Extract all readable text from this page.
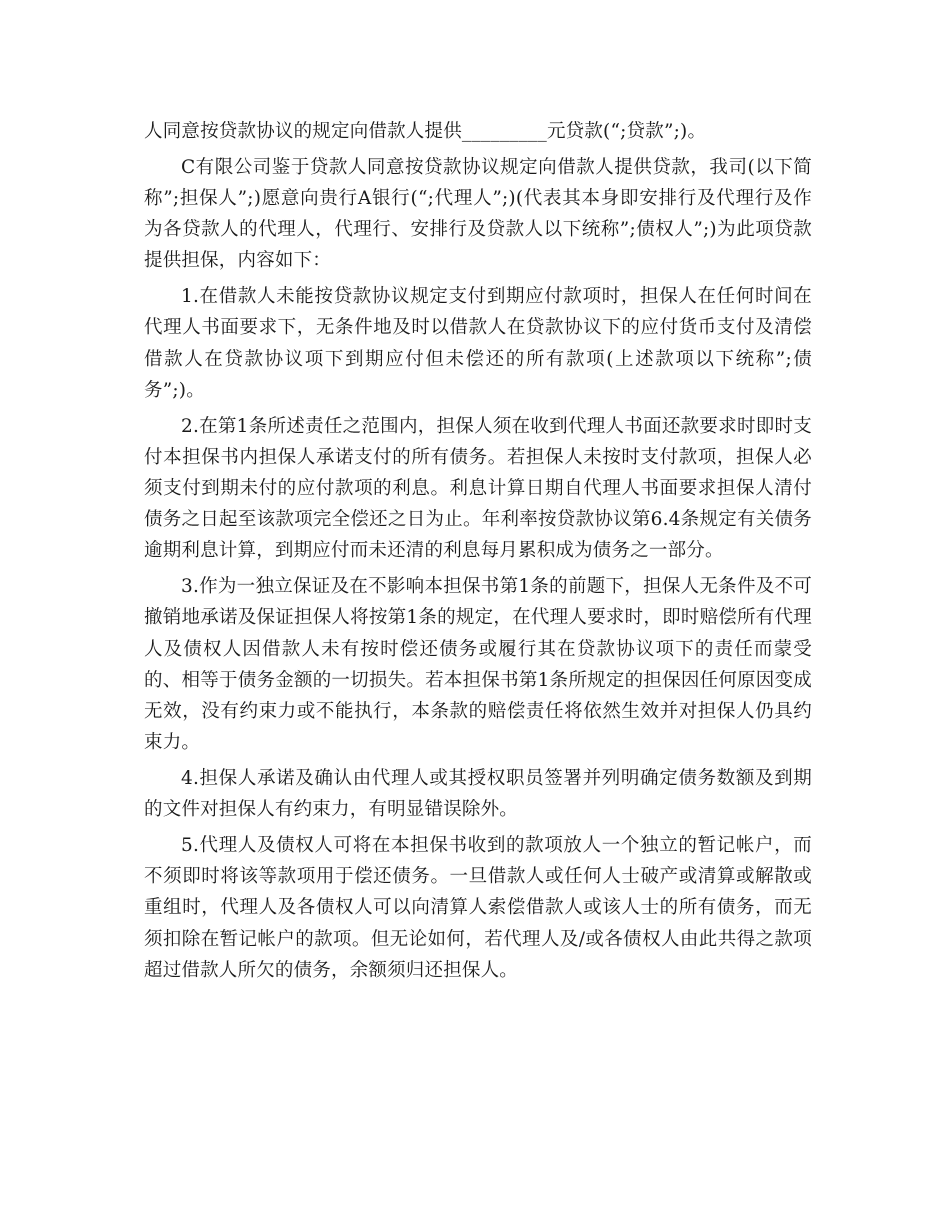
人同意按贷款协议的规定向借款人提供_________元贷款(“;贷款”;)。

C有限公司鉴于贷款人同意按贷款协议规定向借款人提供贷款，我司(以下简称”;担保人”;)愿意向贵行A银行(“;代理人”;)(代表其本身即安排行及代理行及作为各贷款人的代理人，代理行、安排行及贷款人以下统称”;债权人”;)为此项贷款提供担保，内容如下：

1.在借款人未能按贷款协议规定支付到期应付款项时，担保人在任何时间在代理人书面要求下，无条件地及时以借款人在贷款协议下的应付货币支付及清偿借款人在贷款协议项下到期应付但未偿还的所有款项(上述款项以下统称”;债务”;)。

2.在第1条所述责任之范围内，担保人须在收到代理人书面还款要求时即时支付本担保书内担保人承诺支付的所有债务。若担保人未按时支付款项，担保人必须支付到期未付的应付款项的利息。利息计算日期自代理人书面要求担保人清付债务之日起至该款项完全偿还之日为止。年利率按贷款协议第6.4条规定有关债务逾期利息计算，到期应付而未还清的利息每月累积成为债务之一部分。

3.作为一独立保证及在不影响本担保书第1条的前题下，担保人无条件及不可撤销地承诺及保证担保人将按第1条的规定，在代理人要求时，即时赔偿所有代理人及债权人因借款人未有按时偿还债务或履行其在贷款协议项下的责任而蒙受的、相等于债务金额的一切损失。若本担保书第1条所规定的担保因任何原因变成无效，没有约束力或不能执行，本条款的赔偿责任将依然生效并对担保人仍具约束力。

4.担保人承诺及确认由代理人或其授权职员签署并列明确定债务数额及到期的文件对担保人有约束力，有明显错误除外。

5.代理人及债权人可将在本担保书收到的款项放人一个独立的暂记帐户，而不须即时将该等款项用于偿还债务。一旦借款人或任何人士破产或清算或解散或重组时，代理人及各债权人可以向清算人索偿借款人或该人士的所有债务，而无须扣除在暂记帐户的款项。但无论如何，若代理人及/或各债权人由此共得之款项超过借款人所欠的债务，余额须归还担保人。
